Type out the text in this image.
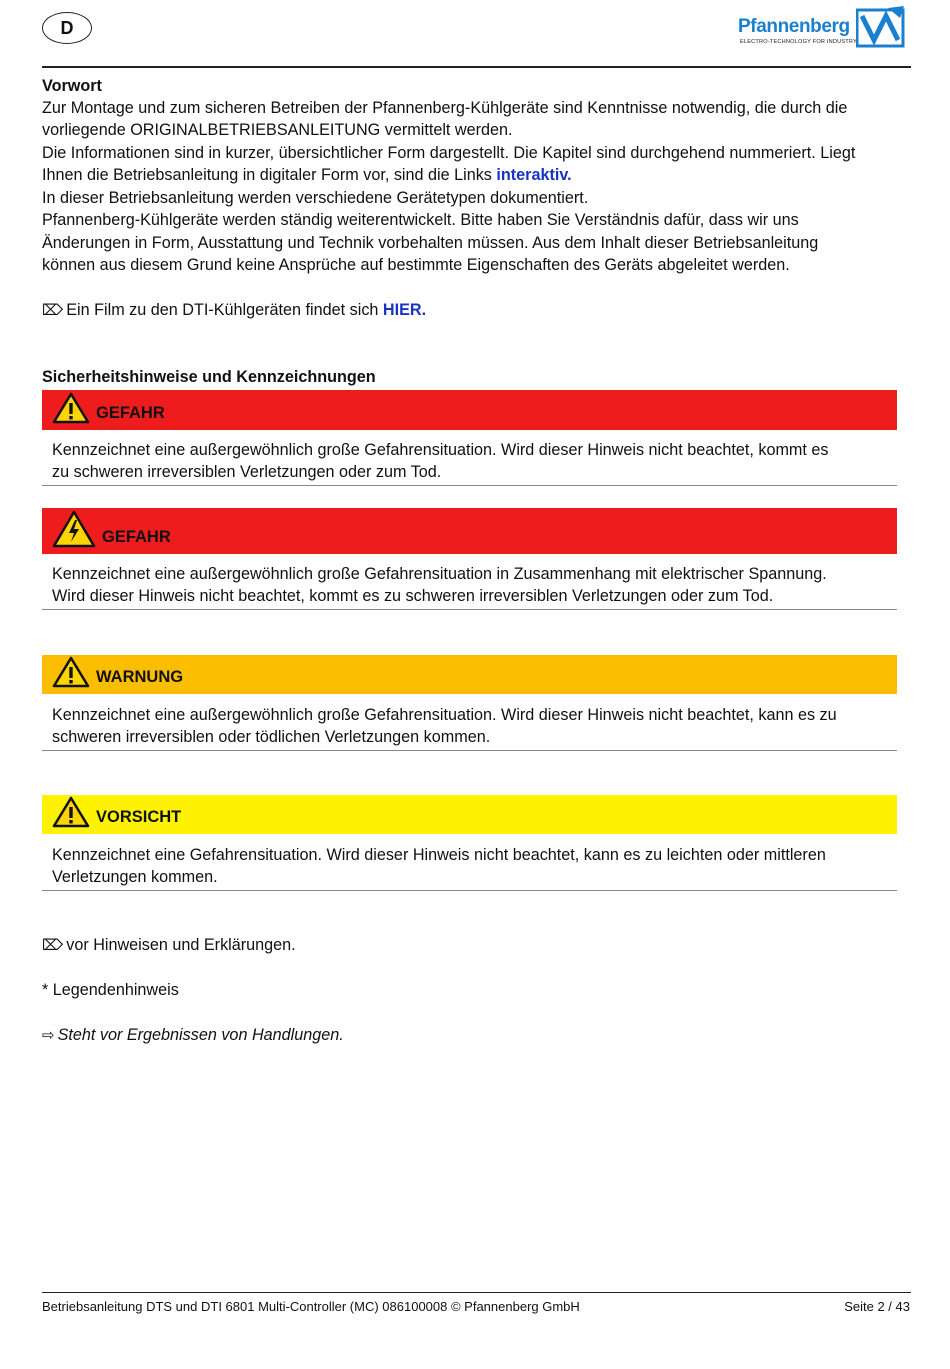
D	Pfannenberg
ELECTRO-TECHNOLOGY FOR INDUSTRY
Vorwort
Zur Montage und zum sicheren Betreiben der Pfannenberg-Kühlgeräte sind Kenntnisse notwendig, die durch die
vorliegende ORIGINALBETRIEBSANLEITUNG vermittelt werden.
Die Informationen sind in kurzer, übersichtlicher Form dargestellt. Die Kapitel sind durchgehend nummeriert. Liegt
Ihnen die Betriebsanleitung in digitaler Form vor, sind die Links interaktiv.
In dieser Betriebsanleitung werden verschiedene Gerätetypen dokumentiert.
Pfannenberg-Kühlgeräte werden ständig weiterentwickelt. Bitte haben Sie Verständnis dafür, dass wir uns
Änderungen in Form, Ausstattung und Technik vorbehalten müssen. Aus dem Inhalt dieser Betriebsanleitung
können aus diesem Grund keine Ansprüche auf bestimmte Eigenschaften des Geräts abgeleitet werden.
⌦ Ein Film zu den DTI-Kühlgeräten findet sich HIER.
Sicherheitshinweise und Kennzeichnungen
GEFAHR
Kennzeichnet eine außergewöhnlich große Gefahrensituation. Wird dieser Hinweis nicht beachtet, kommt es
zu schweren irreversiblen Verletzungen oder zum Tod.
GEFAHR
Kennzeichnet eine außergewöhnlich große Gefahrensituation in Zusammenhang mit elektrischer Spannung.
Wird dieser Hinweis nicht beachtet, kommt es zu schweren irreversiblen Verletzungen oder zum Tod.
WARNUNG
Kennzeichnet eine außergewöhnlich große Gefahrensituation. Wird dieser Hinweis nicht beachtet, kann es zu
schweren irreversiblen oder tödlichen Verletzungen kommen.
VORSICHT
Kennzeichnet eine Gefahrensituation. Wird dieser Hinweis nicht beachtet, kann es zu leichten oder mittleren
Verletzungen kommen.
⌦ vor Hinweisen und Erklärungen.
* Legendenhinweis
⇨ Steht vor Ergebnissen von Handlungen.
Betriebsanleitung DTS und DTI 6801 Multi-Controller (MC) 086100008 © Pfannenberg GmbH	Seite 2 / 43
